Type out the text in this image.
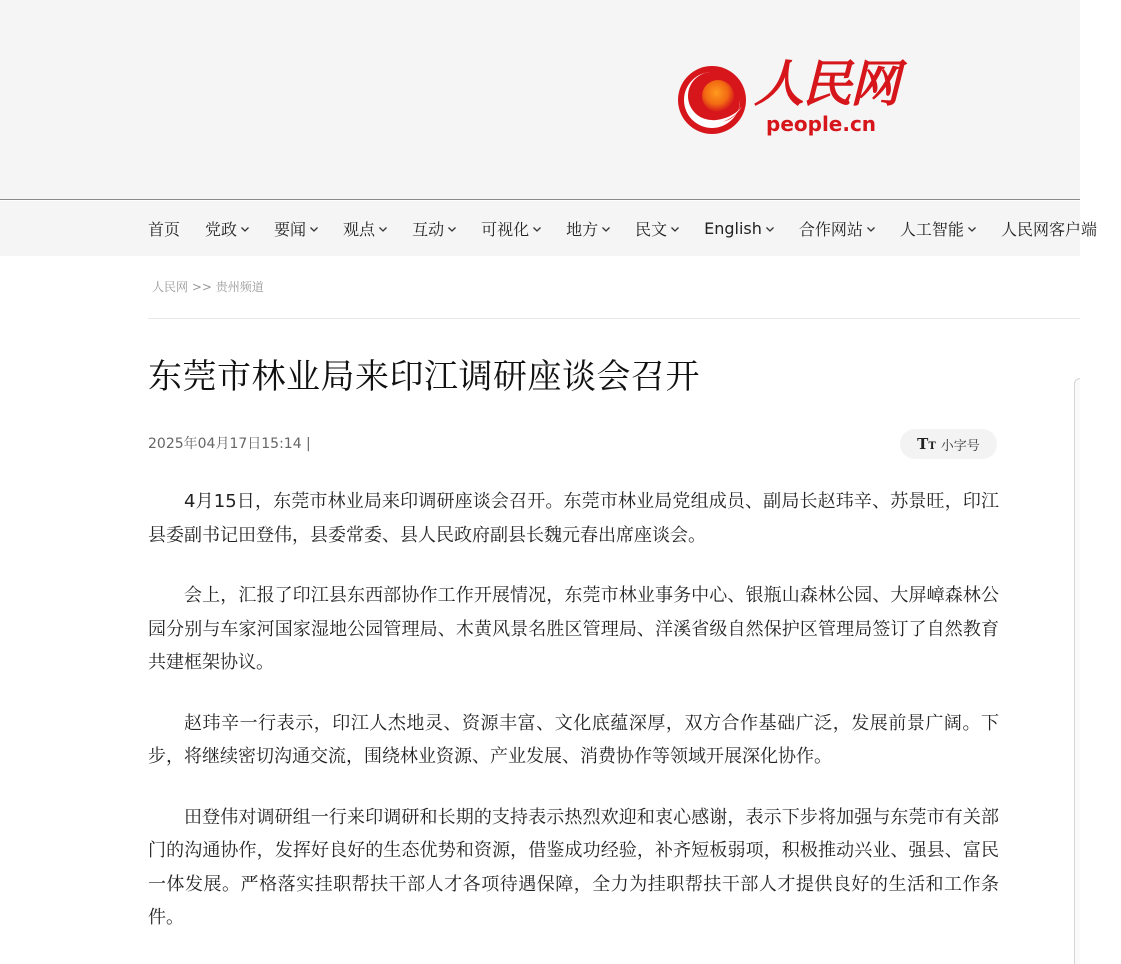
人民网
people.cn
首页 党政 要闻 观点 互动 可视化 地方 民文 English 合作网站 人工智能 人民网客户端
人民网 >> 贵州频道
东莞市林业局来印江调研座谈会召开
2025年04月17日15:14 |	TT 小字号

4月15日，东莞市林业局来印调研座谈会召开。东莞市林业局党组成员、副局长赵玮辛、苏景旺，印江县委副书记田登伟，县委常委、县人民政府副县长魏元春出席座谈会。

会上，汇报了印江县东西部协作工作开展情况，东莞市林业事务中心、银瓶山森林公园、大屏嶂森林公园分别与车家河国家湿地公园管理局、木黄风景名胜区管理局、洋溪省级自然保护区管理局签订了自然教育共建框架协议。

赵玮辛一行表示，印江人杰地灵、资源丰富、文化底蕴深厚，双方合作基础广泛，发展前景广阔。下步，将继续密切沟通交流，围绕林业资源、产业发展、消费协作等领域开展深化协作。

田登伟对调研组一行来印调研和长期的支持表示热烈欢迎和衷心感谢，表示下步将加强与东莞市有关部门的沟通协作，发挥好良好的生态优势和资源，借鉴成功经验，补齐短板弱项，积极推动兴业、强县、富民一体发展。严格落实挂职帮扶干部人才各项待遇保障，全力为挂职帮扶干部人才提供良好的生活和工作条件。
